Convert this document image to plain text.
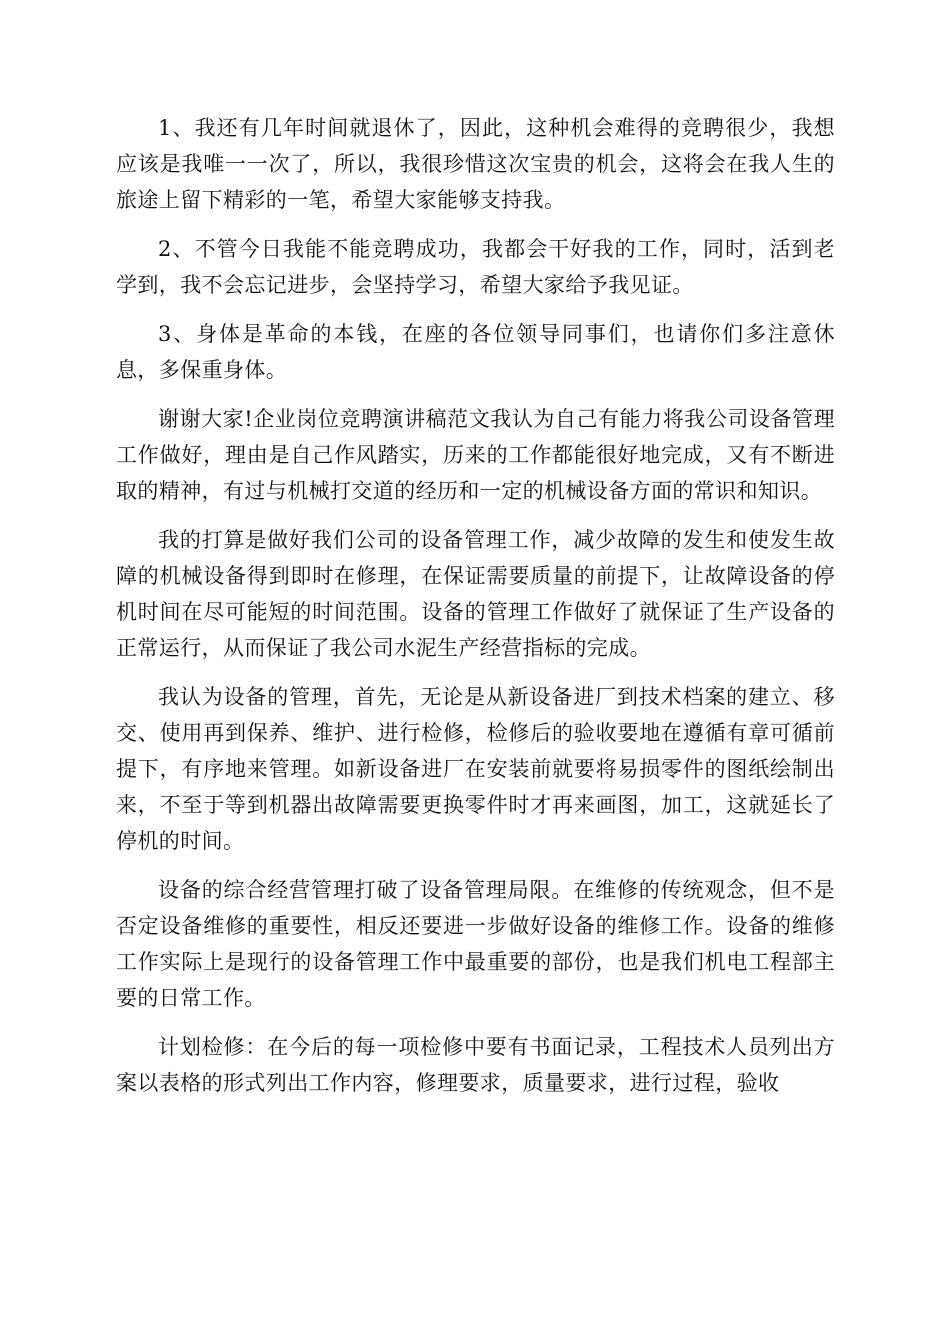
1、我还有几年时间就退休了，因此，这种机会难得的竞聘很少，我想应该是我唯一一次了，所以，我很珍惜这次宝贵的机会，这将会在我人生的旅途上留下精彩的一笔，希望大家能够支持我。

2、不管今日我能不能竞聘成功，我都会干好我的工作，同时，活到老学到，我不会忘记进步，会坚持学习，希望大家给予我见证。

3、身体是革命的本钱，在座的各位领导同事们，也请你们多注意休息，多保重身体。

谢谢大家!企业岗位竞聘演讲稿范文我认为自己有能力将我公司设备管理工作做好，理由是自己作风踏实，历来的工作都能很好地完成，又有不断进取的精神，有过与机械打交道的经历和一定的机械设备方面的常识和知识。

我的打算是做好我们公司的设备管理工作，减少故障的发生和使发生故障的机械设备得到即时在修理，在保证需要质量的前提下，让故障设备的停机时间在尽可能短的时间范围。设备的管理工作做好了就保证了生产设备的正常运行，从而保证了我公司水泥生产经营指标的完成。

我认为设备的管理，首先，无论是从新设备进厂到技术档案的建立、移交、使用再到保养、维护、进行检修，检修后的验收要地在遵循有章可循前提下，有序地来管理。如新设备进厂在安装前就要将易损零件的图纸绘制出来，不至于等到机器出故障需要更换零件时才再来画图，加工，这就延长了停机的时间。

设备的综合经营管理打破了设备管理局限。在维修的传统观念，但不是否定设备维修的重要性，相反还要进一步做好设备的维修工作。设备的维修工作实际上是现行的设备管理工作中最重要的部份，也是我们机电工程部主要的日常工作。

计划检修：在今后的每一项检修中要有书面记录，工程技术人员列出方案以表格的形式列出工作内容，修理要求，质量要求，进行过程，验收
